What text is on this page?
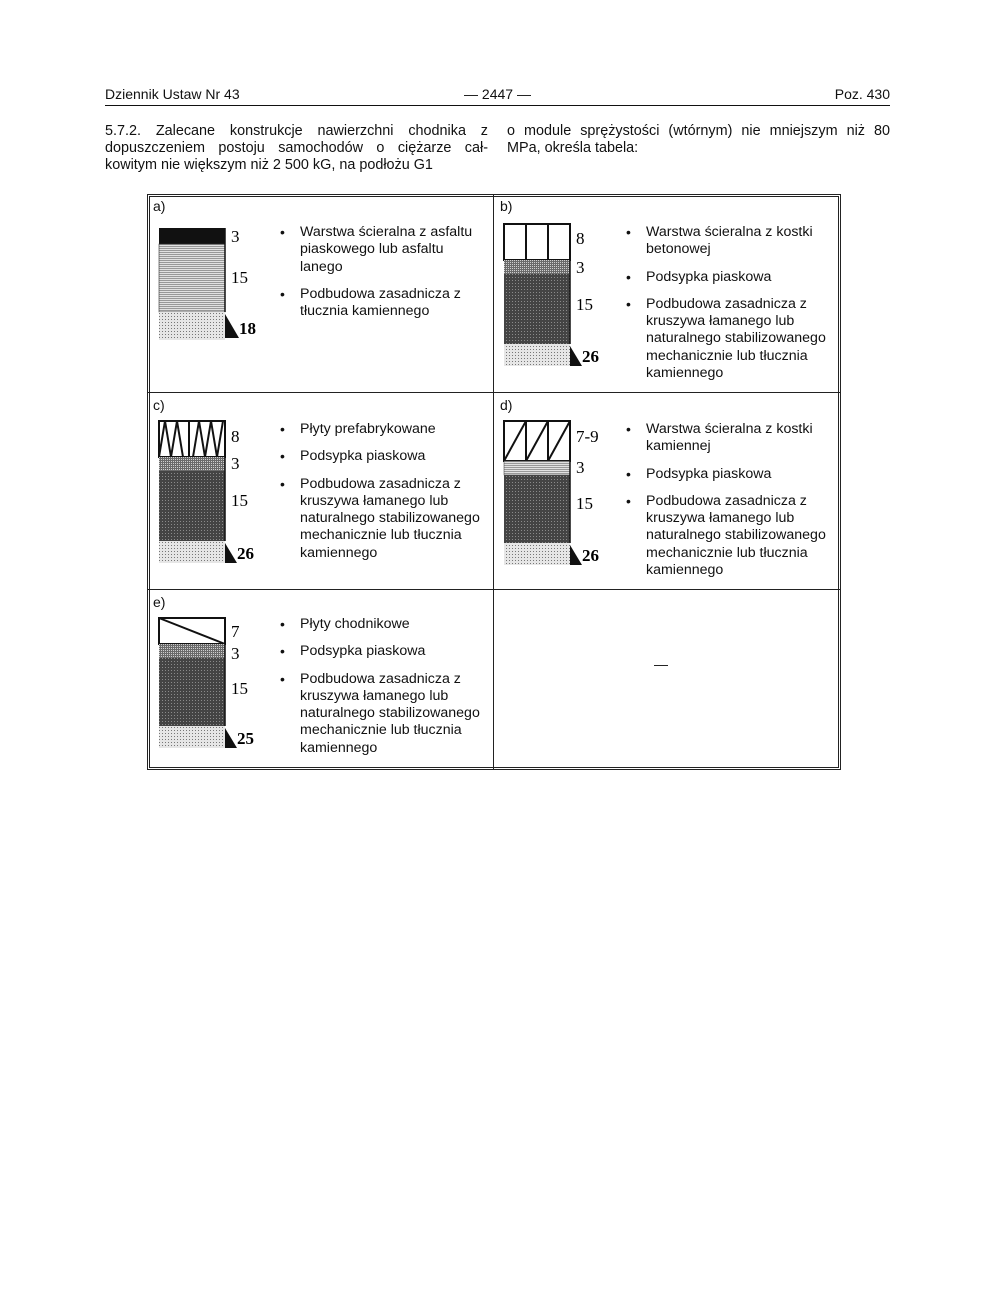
Dziennik Ustaw Nr 43	— 2447 —	Poz. 430
5.7.2. Zalecane konstrukcje nawierzchni chodnika z dopuszczeniem postoju samochodów o ciężarze cał-kowitym nie większym niż 2 500 kG, na podłożu G1
o module sprężystości (wtórnym) nie mniejszym niż 80 MPa, określa tabela:
a)
3
15
18
• Warstwa ścieralna z asfaltu piaskowego lub asfaltu lanego
• Podbudowa zasadnicza z tłucznia kamiennego
b)
8
3
15
26
• Warstwa ścieralna z kostki betonowej
• Podsypka piaskowa
• Podbudowa zasadnicza z kruszywa łamanego lub naturalnego stabilizowanego mechanicznie lub tłucznia kamiennego
c)
8
3
15
26
• Płyty prefabrykowane
• Podsypka piaskowa
• Podbudowa zasadnicza z kruszywa łamanego lub naturalnego stabilizowanego mechanicznie lub tłucznia kamiennego
d)
7-9
3
15
26
• Warstwa ścieralna z kostki kamiennej
• Podsypka piaskowa
• Podbudowa zasadnicza z kruszywa łamanego lub naturalnego stabilizowanego mechanicznie lub tłucznia kamiennego
e)
7
3
15
25
• Płyty chodnikowe
• Podsypka piaskowa
• Podbudowa zasadnicza z kruszywa łamanego lub naturalnego stabilizowanego mechanicznie lub tłucznia kamiennego
—
